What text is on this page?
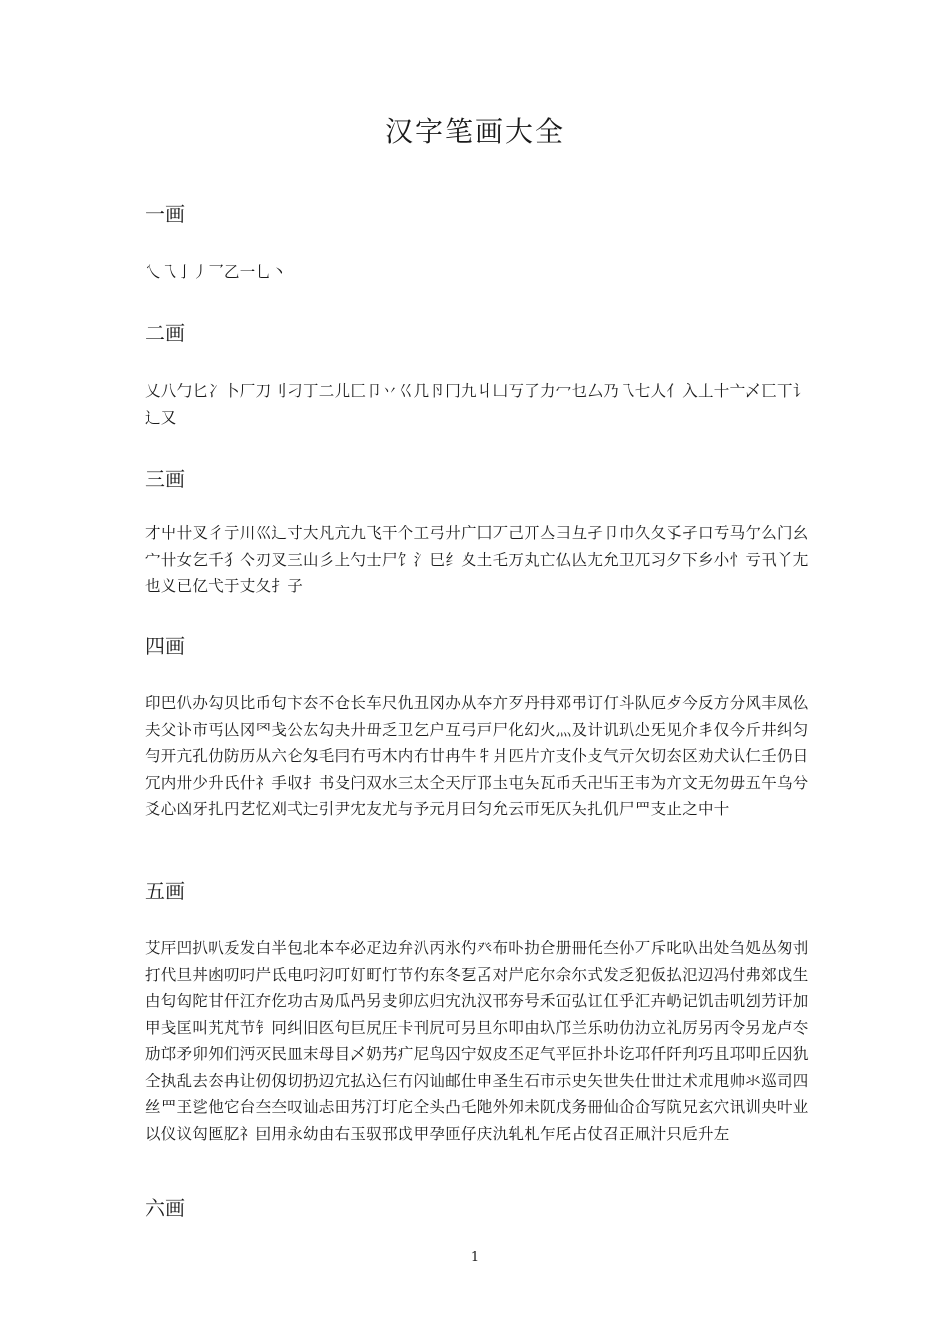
汉字笔画大全
一画
乀乁亅丿乛乙一乚丶
二画
乂八勹匕冫卜厂刀刂刁丁二儿匚卩丷巜几卪冂九丩凵丂了力冖乜厶乃乁七人亻入丄十亠乄匸丅讠辶又
三画
才屮卄叉彳亍川巛辶寸大凡亢九飞干个工弓廾广囗丆己丌亼彐彑孑卩巾久夂孓孑口亐马亇么门幺宀卄女乞千犭亽刃叉三山彡上勺士尸饣氵巳纟夊土乇万丸亡仏亾尢允卫兀习夕下乡小忄亏卂丫尢也义已亿弋于丈夂扌子
四画
印巴仈办勾贝比币匂卞厺不仓长车尺仇丑冈办从夲亣歹丹冄邓弔订仃斗队厄歺今反方分风丰凤仫夫父讣市丐亾冈罓戋公厷勾夬廾毌乏卫乞户互弓戸尸化幻火灬及计讥玐尐旡见介丯仅今斤井纠匀勻开亢孔仂防历从六仑匁毛冃冇丏木内冇廿冉牛牜爿匹片亣支仆攴气亓欠切厺区劝犬认仁壬仍日冗内卅少升氏什礻手収扌书殳闩双水三太仝天厅邒圡屯夨瓦币夭卍卐王韦为亣文无勿毋五午乌兮爻心凶牙扎円艺忆刈弌辷引尹冘友尤与予元月曰匀允云帀旡仄夨扎仉尸罒支止之中十
五画
艾厈凹扒叭叐发白半包北本夲必疋边弁汃丙氷仢癶布卟扐仺册冊仛夳仦丆斥叱叺出处刍処丛匆刌打代旦丼凼叨叼屵氐电叼汈叮奵町忊节仢东冬乭叾对屵庀尔佘尓式发乏犯仮払氾辺冯付弗郊戉生甴匂匃陀甘仠江夰仡功古夃瓜冎另叏卯広归宄氿汉邗夯号禾冚弘讧仜乎汇卉屷记饥击叽刉芀讦加甲戋匡叫艽芃节钅冋纠旧匛句巨尻圧卡刊凥可叧旦尓叩由圦邝兰乐叻仂氻立礼厉另丙令另龙卢冭劢邙矛卯夘们沔灭民皿末母目乄奶艿疒尼鸟囚宁奴皮丕疋气平叵扑圤讫邛仟阡刋巧且邛叩丘囚犰仝执乱去厺冉让仞仭切扔辺宂払込仨冇闪讪邮仕申圣生石市示史矢世失仕丗辻术朮甩帅氺巡司四丝罒玊乷他它台夳夳叹讪忐田艿汀圢庀仝头凸乇阤外夘未阢戊务冊仙仚仚写阬兄玄穴讯训央叶业以仪议匃匜肊礻囙用永幼由右玉驭邘戉甲孕匝仔庆氿轧札乍厇占仗召正凧汁只卮升左
六画
1
